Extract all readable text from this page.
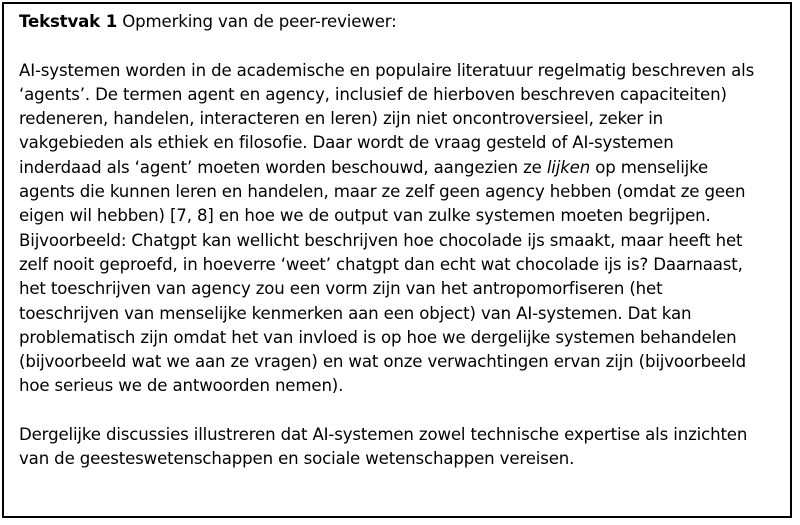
Tekstvak 1 Opmerking van de peer-reviewer:

AI-systemen worden in de academische en populaire literatuur regelmatig beschreven als
‘agents’. De termen agent en agency, inclusief de hierboven beschreven capaciteiten)
redeneren, handelen, interacteren en leren) zijn niet oncontroversieel, zeker in
vakgebieden als ethiek en filosofie. Daar wordt de vraag gesteld of AI-systemen
inderdaad als ‘agent’ moeten worden beschouwd, aangezien ze lijken op menselijke
agents die kunnen leren en handelen, maar ze zelf geen agency hebben (omdat ze geen
eigen wil hebben) [7, 8] en hoe we de output van zulke systemen moeten begrijpen.
Bijvoorbeeld: Chatgpt kan wellicht beschrijven hoe chocolade ijs smaakt, maar heeft het
zelf nooit geproefd, in hoeverre ‘weet’ chatgpt dan echt wat chocolade ijs is? Daarnaast,
het toeschrijven van agency zou een vorm zijn van het antropomorfiseren (het
toeschrijven van menselijke kenmerken aan een object) van AI-systemen. Dat kan
problematisch zijn omdat het van invloed is op hoe we dergelijke systemen behandelen
(bijvoorbeeld wat we aan ze vragen) en wat onze verwachtingen ervan zijn (bijvoorbeeld
hoe serieus we de antwoorden nemen).

Dergelijke discussies illustreren dat AI-systemen zowel technische expertise als inzichten
van de geesteswetenschappen en sociale wetenschappen vereisen.
